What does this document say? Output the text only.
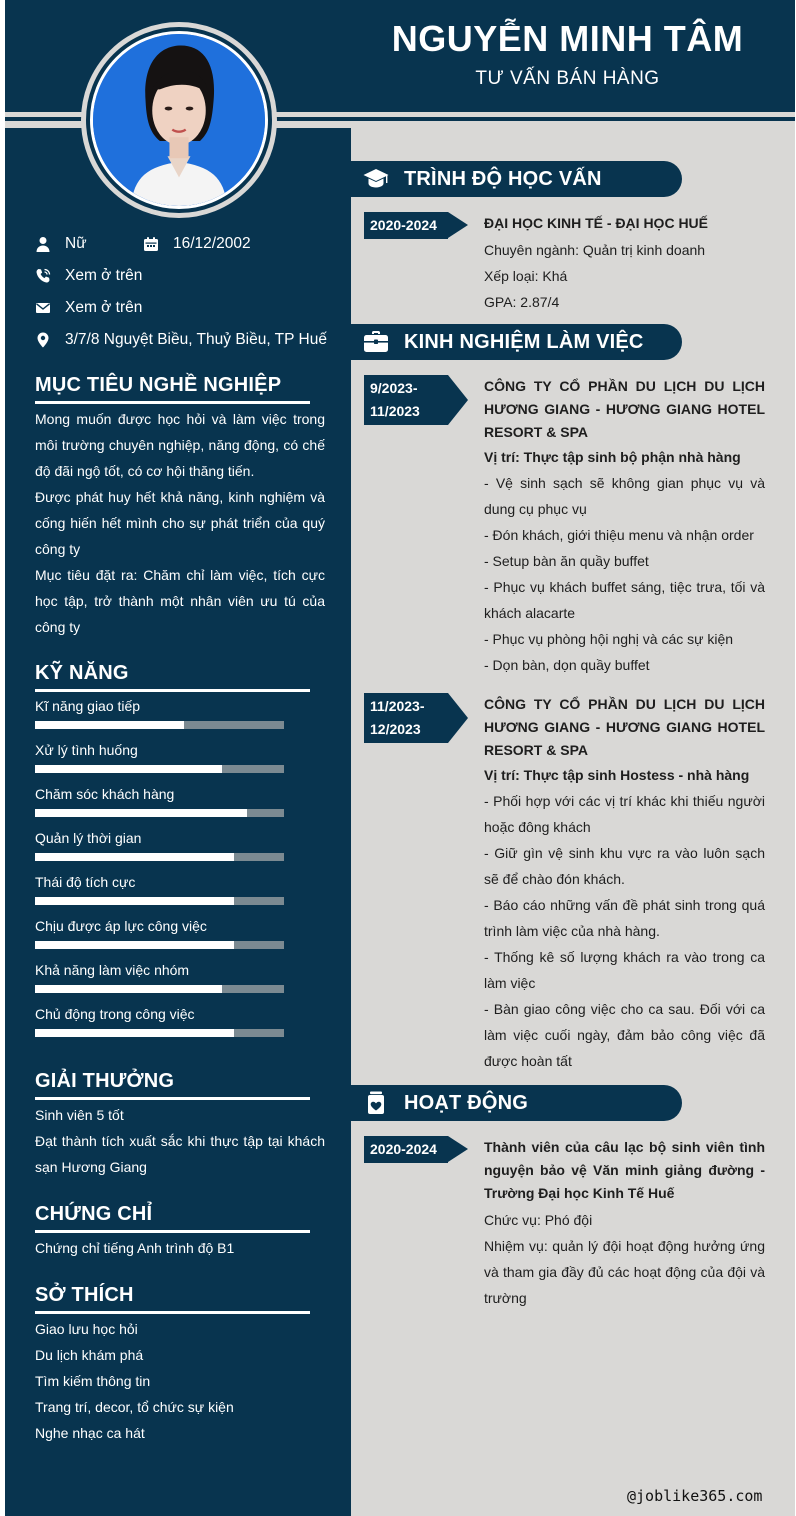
NGUYỄN MINH TÂM
TƯ VẤN BÁN HÀNG
Nữ	16/12/2002
Xem ở trên
Xem ở trên
3/7/8 Nguyệt Biều, Thuỷ Biều, TP Huế
MỤC TIÊU NGHỀ NGHIỆP

Mong muốn được học hỏi và làm việc trong môi trường chuyên nghiệp, năng động, có chế độ đãi ngộ tốt, có cơ hội thăng tiến.

Được phát huy hết khả năng, kinh nghiệm và cống hiến hết mình cho sự phát triển của quý công ty

Mục tiêu đặt ra: Chăm chỉ làm việc, tích cực học tập, trở thành một nhân viên ưu tú của công ty

KỸ NĂNG
Kĩ năng giao tiếp
Xử lý tình huống
Chăm sóc khách hàng
Quản lý thời gian
Thái độ tích cực
Chịu được áp lực công việc
Khả năng làm việc nhóm
Chủ động trong công việc
GIẢI THƯỞNG

Sinh viên 5 tốt

Đạt thành tích xuất sắc khi thực tập tại khách sạn Hương Giang

CHỨNG CHỈ

Chứng chỉ tiếng Anh trình độ B1

SỞ THÍCH

Giao lưu học hỏi

Du lịch khám phá

Tìm kiếm thông tin

Trang trí, decor, tổ chức sự kiện

Nghe nhạc ca hát

TRÌNH ĐỘ HỌC VẤN
2020-2024	ĐẠI HỌC KINH TẾ - ĐẠI HỌC HUẾ
Chuyên ngành: Quản trị kinh doanh
Xếp loại: Khá
GPA: 2.87/4
KINH NGHIỆM LÀM VIỆC
9/2023-
11/2023
CÔNG TY CỔ PHẦN DU LỊCH DU LỊCH HƯƠNG GIANG - HƯƠNG GIANG HOTEL RESORT & SPA
Vị trí: Thực tập sinh bộ phận nhà hàng
- Vệ sinh sạch sẽ không gian phục vụ và dung cụ phục vụ
- Đón khách, giới thiệu menu và nhận order
- Setup bàn ăn quầy buffet
- Phục vụ khách buffet sáng, tiệc trưa, tối và khách alacarte
- Phục vụ phòng hội nghị và các sự kiện
- Dọn bàn, dọn quầy buffet
11/2023-
12/2023
CÔNG TY CỔ PHẦN DU LỊCH DU LỊCH HƯƠNG GIANG - HƯƠNG GIANG HOTEL RESORT & SPA
Vị trí: Thực tập sinh Hostess - nhà hàng
- Phối hợp với các vị trí khác khi thiếu người hoặc đông khách
- Giữ gìn vệ sinh khu vực ra vào luôn sạch sẽ để chào đón khách.
- Báo cáo những vấn đề phát sinh trong quá trình làm việc của nhà hàng.
- Thống kê số lượng khách ra vào trong ca làm việc
- Bàn giao công việc cho ca sau. Đối với ca làm việc cuối ngày, đảm bảo công việc đã được hoàn tất
HOẠT ĐỘNG
2020-2024	Thành viên của câu lạc bộ sinh viên tình nguyện bảo vệ Văn minh giảng đường - Trường Đại học Kinh Tế Huế
Chức vụ: Phó đội
Nhiệm vụ: quản lý đội hoạt động hưởng ứng và tham gia đầy đủ các hoạt động của đội và trường
@joblike365.com
